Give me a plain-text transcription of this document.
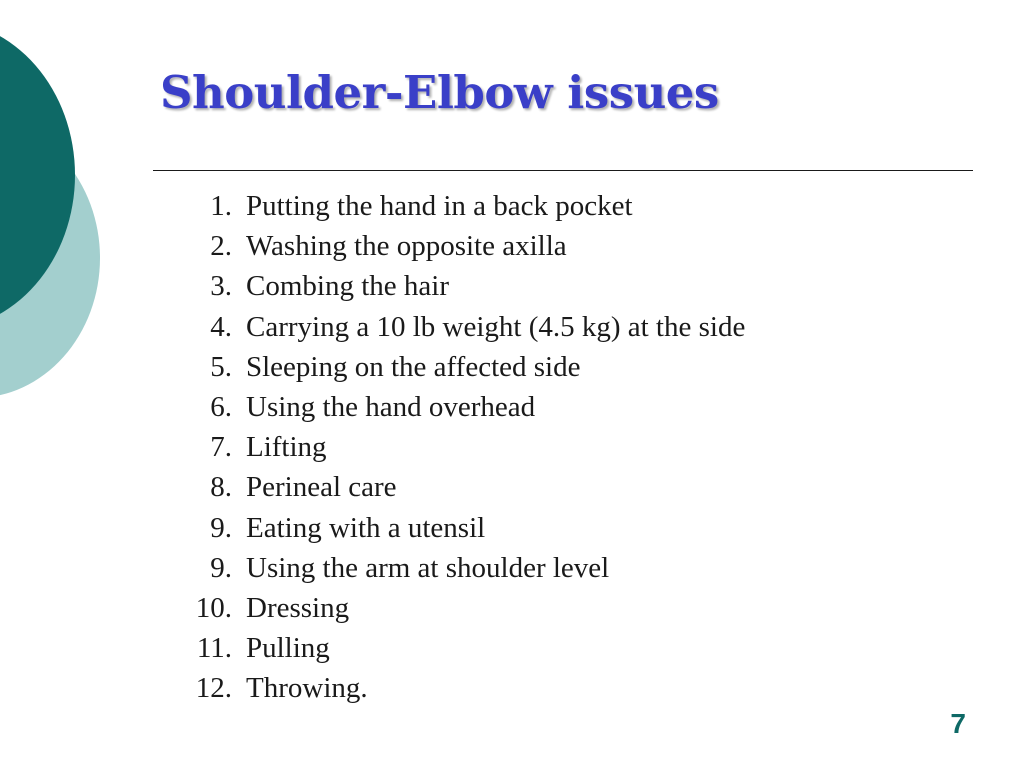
Shoulder-Elbow issues
1. Putting the hand in a back pocket
2. Washing the opposite axilla
3. Combing the hair
4. Carrying a 10 lb weight (4.5 kg) at the side
5. Sleeping on the affected side
6. Using the hand overhead
7. Lifting
8. Perineal care
9. Eating with a utensil
9. Using the arm at shoulder level
10. Dressing
11. Pulling
12. Throwing.
7
